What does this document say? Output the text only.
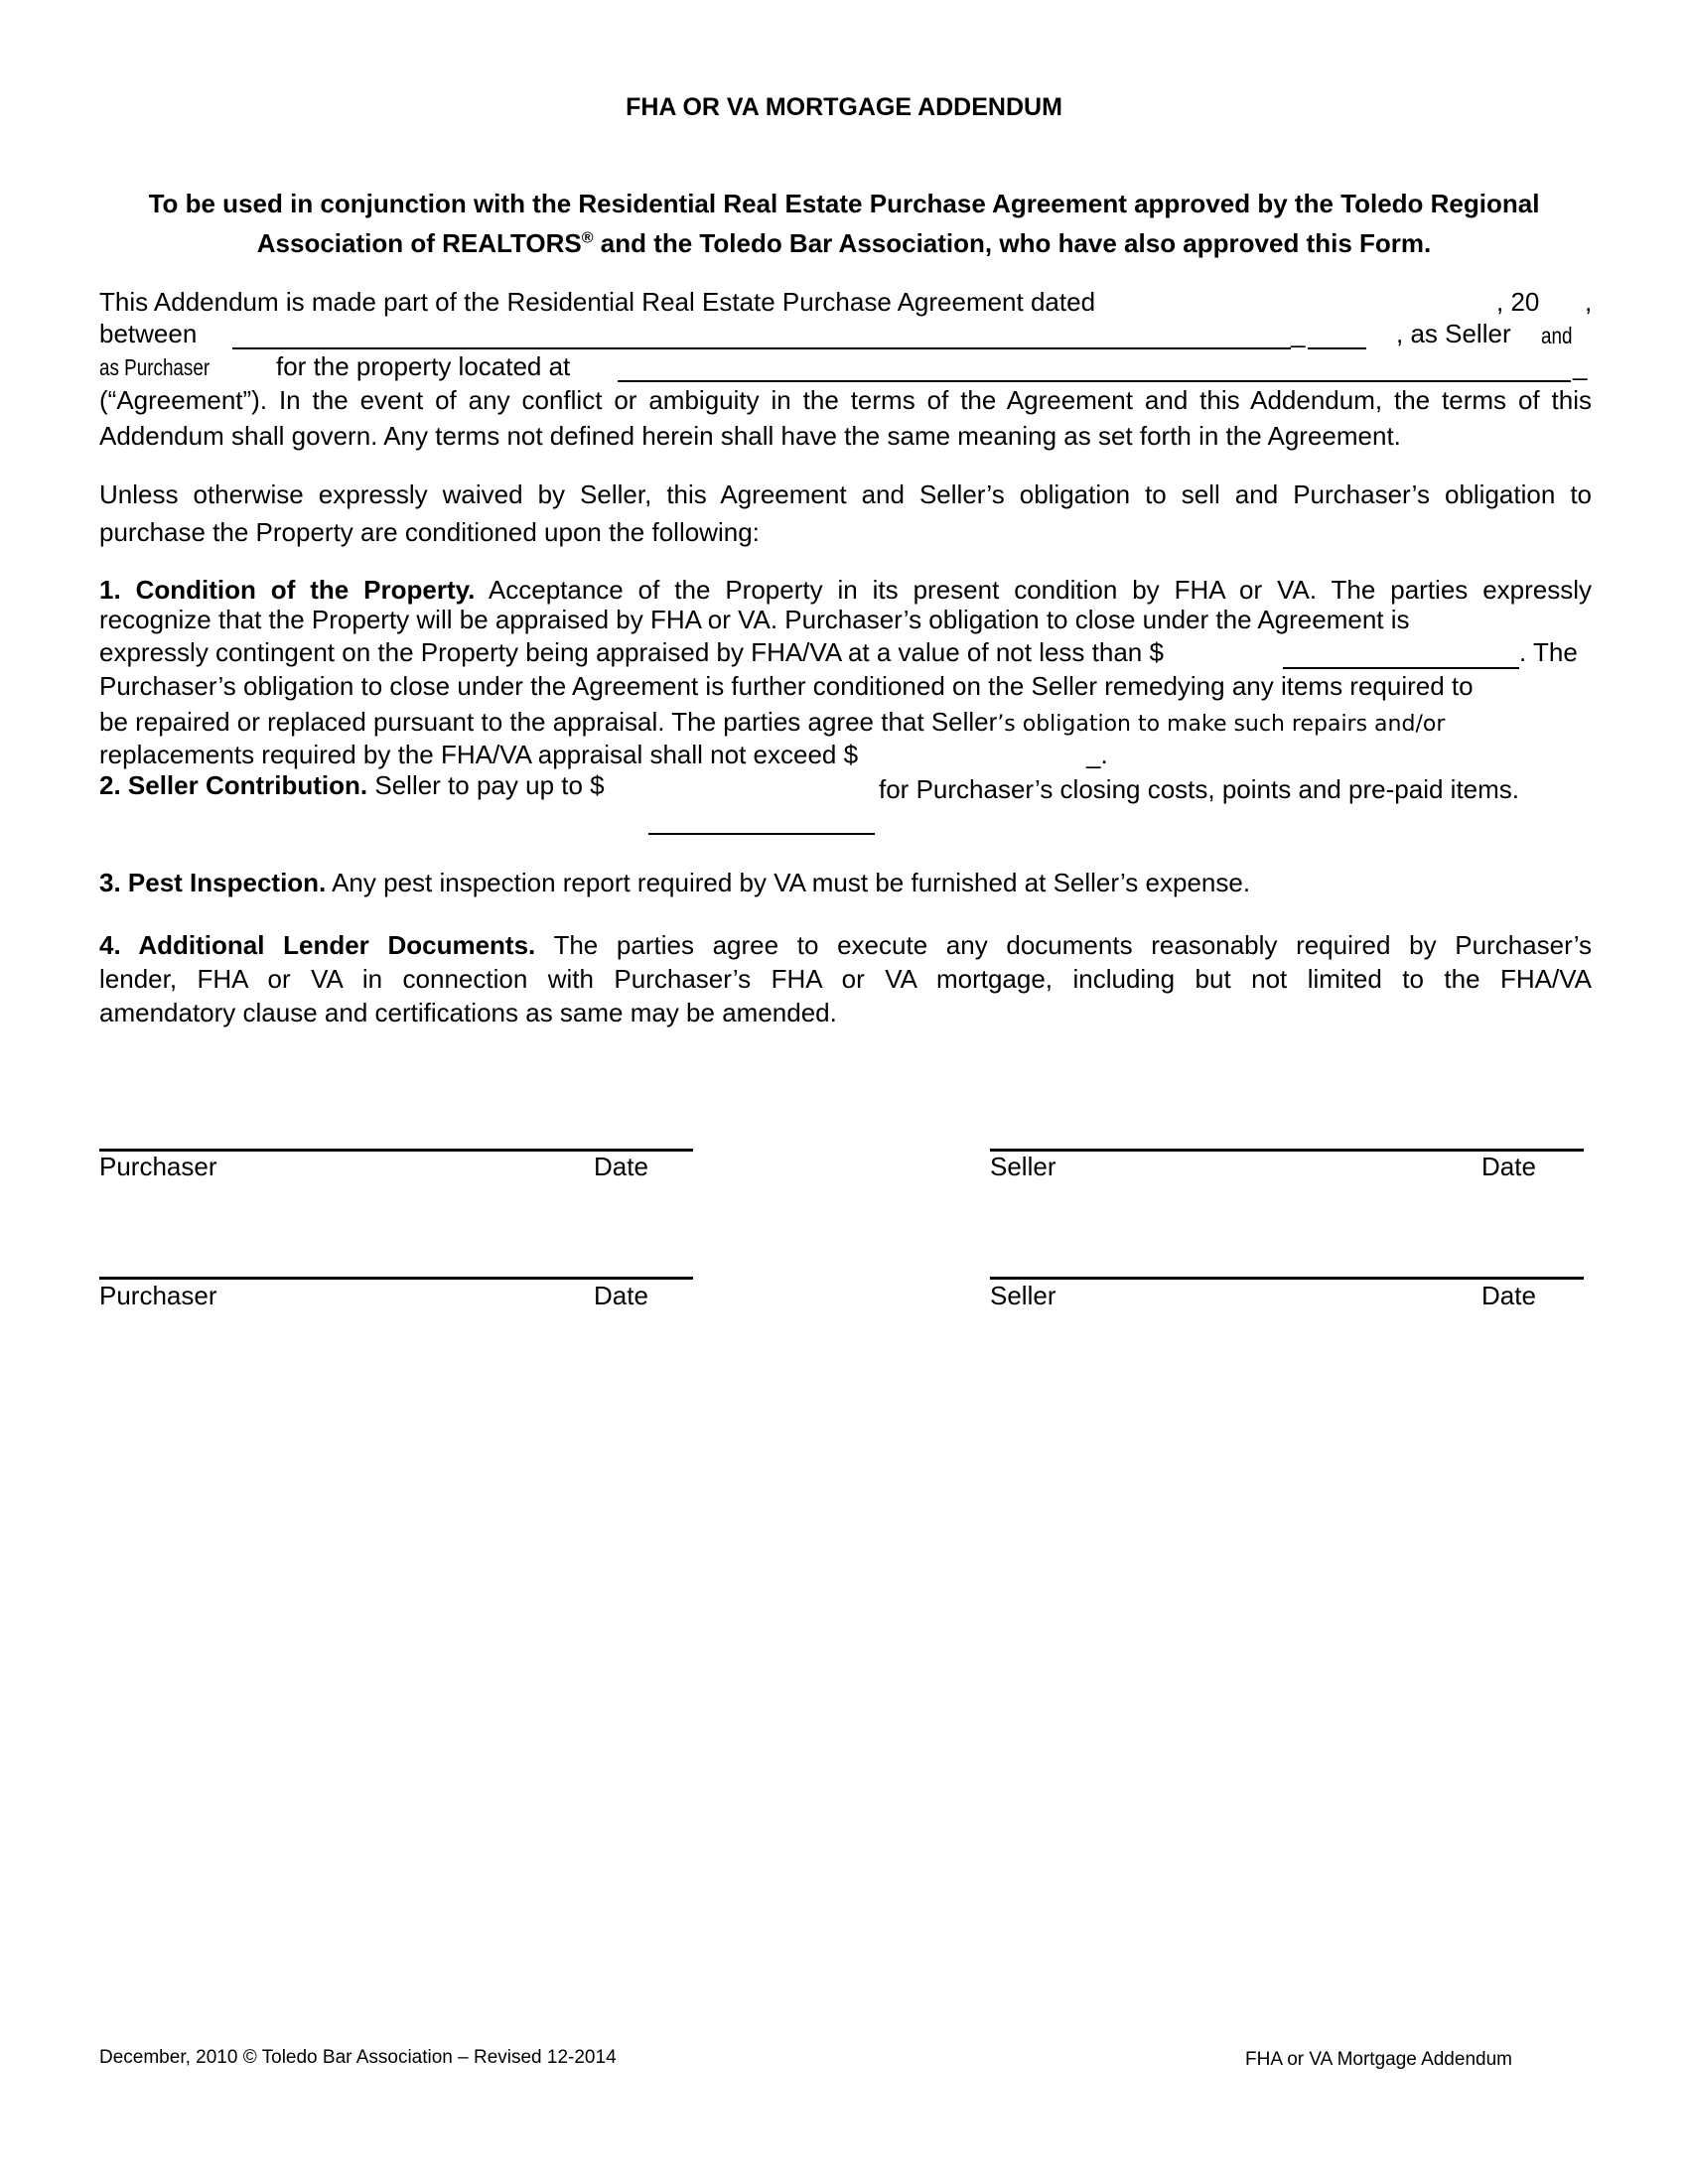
FHA OR VA MORTGAGE ADDENDUM
To be used in conjunction with the Residential Real Estate Purchase Agreement approved by the Toledo Regional
Association of REALTORS® and the Toledo Bar Association, who have also approved this Form.
This Addendum is made part of the Residential Real Estate Purchase Agreement dated	, 20 ,
between	_	, as Seller and
as Purchaser	for the property located at	_
(“Agreement”). In the event of any conflict or ambiguity in the terms of the Agreement and this Addendum, the terms of this
Addendum shall govern. Any terms not defined herein shall have the same meaning as set forth in the Agreement.
Unless otherwise expressly waived by Seller, this Agreement and Seller’s obligation to sell and Purchaser’s obligation to
purchase the Property are conditioned upon the following:
1. Condition of the Property. Acceptance of the Property in its present condition by FHA or VA. The parties expressly
recognize that the Property will be appraised by FHA or VA. Purchaser’s obligation to close under the Agreement is
expressly contingent on the Property being appraised by FHA/VA at a value of not less than $	. The
Purchaser’s obligation to close under the Agreement is further conditioned on the Seller remedying any items required to
be repaired or replaced pursuant to the appraisal. The parties agree that Seller’s obligation to make such repairs and/or
replacements required by the FHA/VA appraisal shall not exceed $	_.
2. Seller Contribution. Seller to pay up to $	for Purchaser’s closing costs, points and pre-paid items.
3. Pest Inspection. Any pest inspection report required by VA must be furnished at Seller’s expense.
4. Additional Lender Documents. The parties agree to execute any documents reasonably required by Purchaser’s
lender, FHA or VA in connection with Purchaser’s FHA or VA mortgage, including but not limited to the FHA/VA
amendatory clause and certifications as same may be amended.
Purchaser	Date	Seller	Date
Purchaser	Date	Seller	Date
December, 2010 © Toledo Bar Association – Revised 12-2014	FHA or VA Mortgage Addendum
